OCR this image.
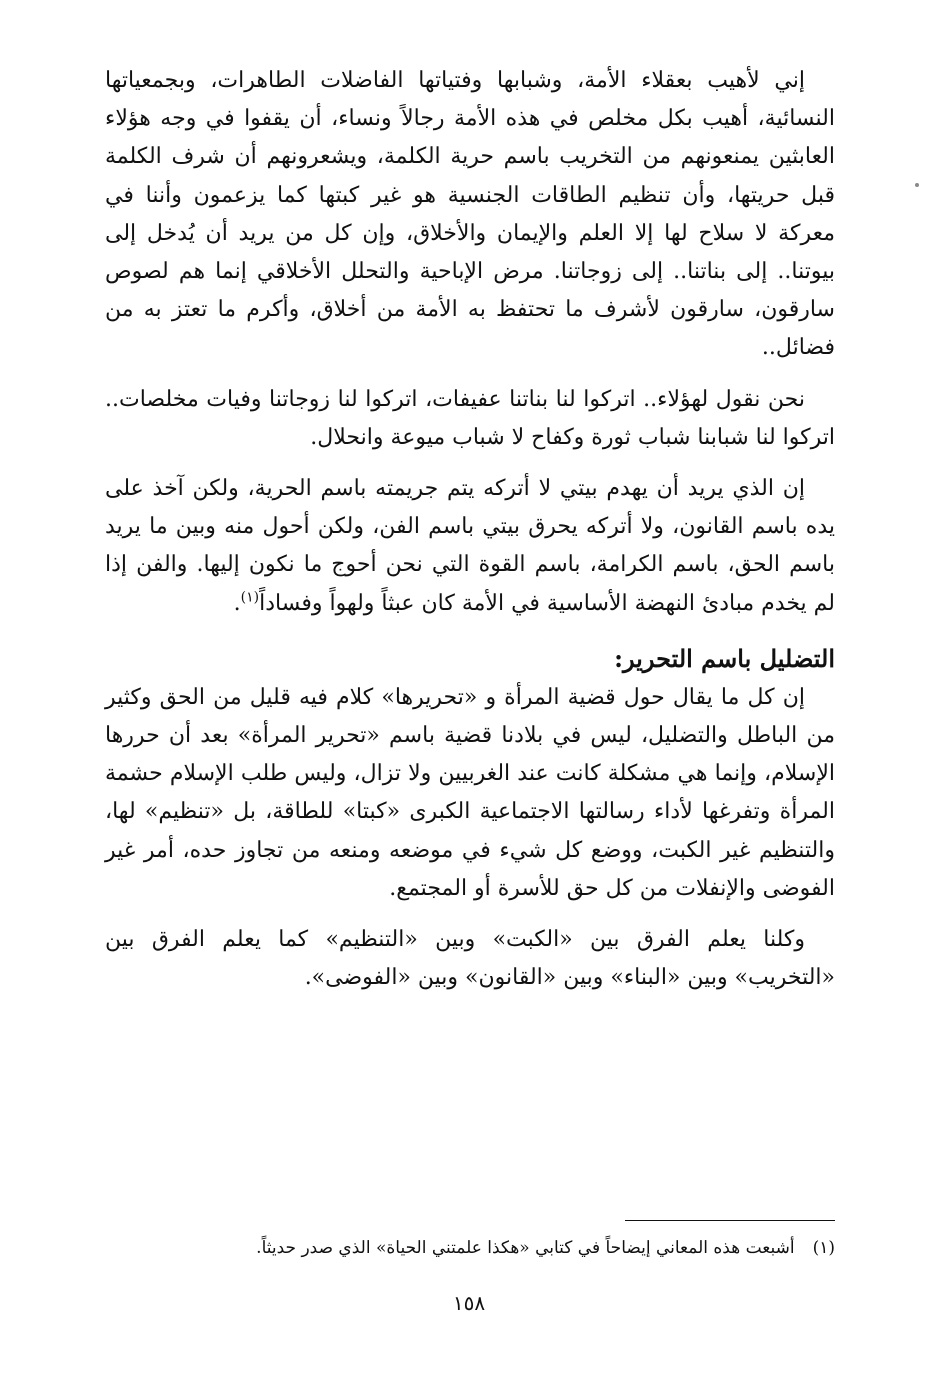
إني لأهيب بعقلاء الأمة، وشبابها وفتياتها الفاضلات الطاهرات، وبجمعياتها النسائية، أهيب بكل مخلص في هذه الأمة رجالاً ونساء، أن يقفوا في وجه هؤلاء العابثين يمنعونهم من التخريب باسم حرية الكلمة، ويشعرونهم أن شرف الكلمة قبل حريتها، وأن تنظيم الطاقات الجنسية هو غير كبتها كما يزعمون وأننا في معركة لا سلاح لها إلا العلم والإيمان والأخلاق، وإن كل من يريد أن يُدخل إلى بيوتنا.. إلى بناتنا.. إلى زوجاتنا. مرض الإباحية والتحلل الأخلاقي إنما هم لصوص سارقون، سارقون لأشرف ما تحتفظ به الأمة من أخلاق، وأكرم ما تعتز به من فضائل..

نحن نقول لهؤلاء.. اتركوا لنا بناتنا عفيفات، اتركوا لنا زوجاتنا وفيات مخلصات.. اتركوا لنا شبابنا شباب ثورة وكفاح لا شباب ميوعة وانحلال.

إن الذي يريد أن يهدم بيتي لا أتركه يتم جريمته باسم الحرية، ولكن آخذ على يده باسم القانون، ولا أتركه يحرق بيتي باسم الفن، ولكن أحول منه وبين ما يريد باسم الحق، باسم الكرامة، باسم القوة التي نحن أحوج ما نكون إليها. والفن إذا لم يخدم مبادئ النهضة الأساسية في الأمة كان عبثاً ولهواً وفساداً$^{(١)}$.

التضليل باسم التحرير:

إن كل ما يقال حول قضية المرأة و «تحريرها» كلام فيه قليل من الحق وكثير من الباطل والتضليل، ليس في بلادنا قضية باسم «تحرير المرأة» بعد أن حررها الإسلام، وإنما هي مشكلة كانت عند الغربيين ولا تزال، وليس طلب الإسلام حشمة المرأة وتفرغها لأداء رسالتها الاجتماعية الكبرى «كبتا» للطاقة، بل «تنظيم» لها، والتنظيم غير الكبت، ووضع كل شيء في موضعه ومنعه من تجاوز حده، أمر غير الفوضى والإنفلات من كل حق للأسرة أو المجتمع.

وكلنا يعلم الفرق بين «الكبت» وبين «التنظيم» كما يعلم الفرق بين «التخريب» وبين «البناء» وبين «القانون» وبين «الفوضى».

(١)أشبعت هذه المعاني إيضاحاً في كتابي «هكذا علمتني الحياة» الذي صدر حديثاً.
١٥٨
